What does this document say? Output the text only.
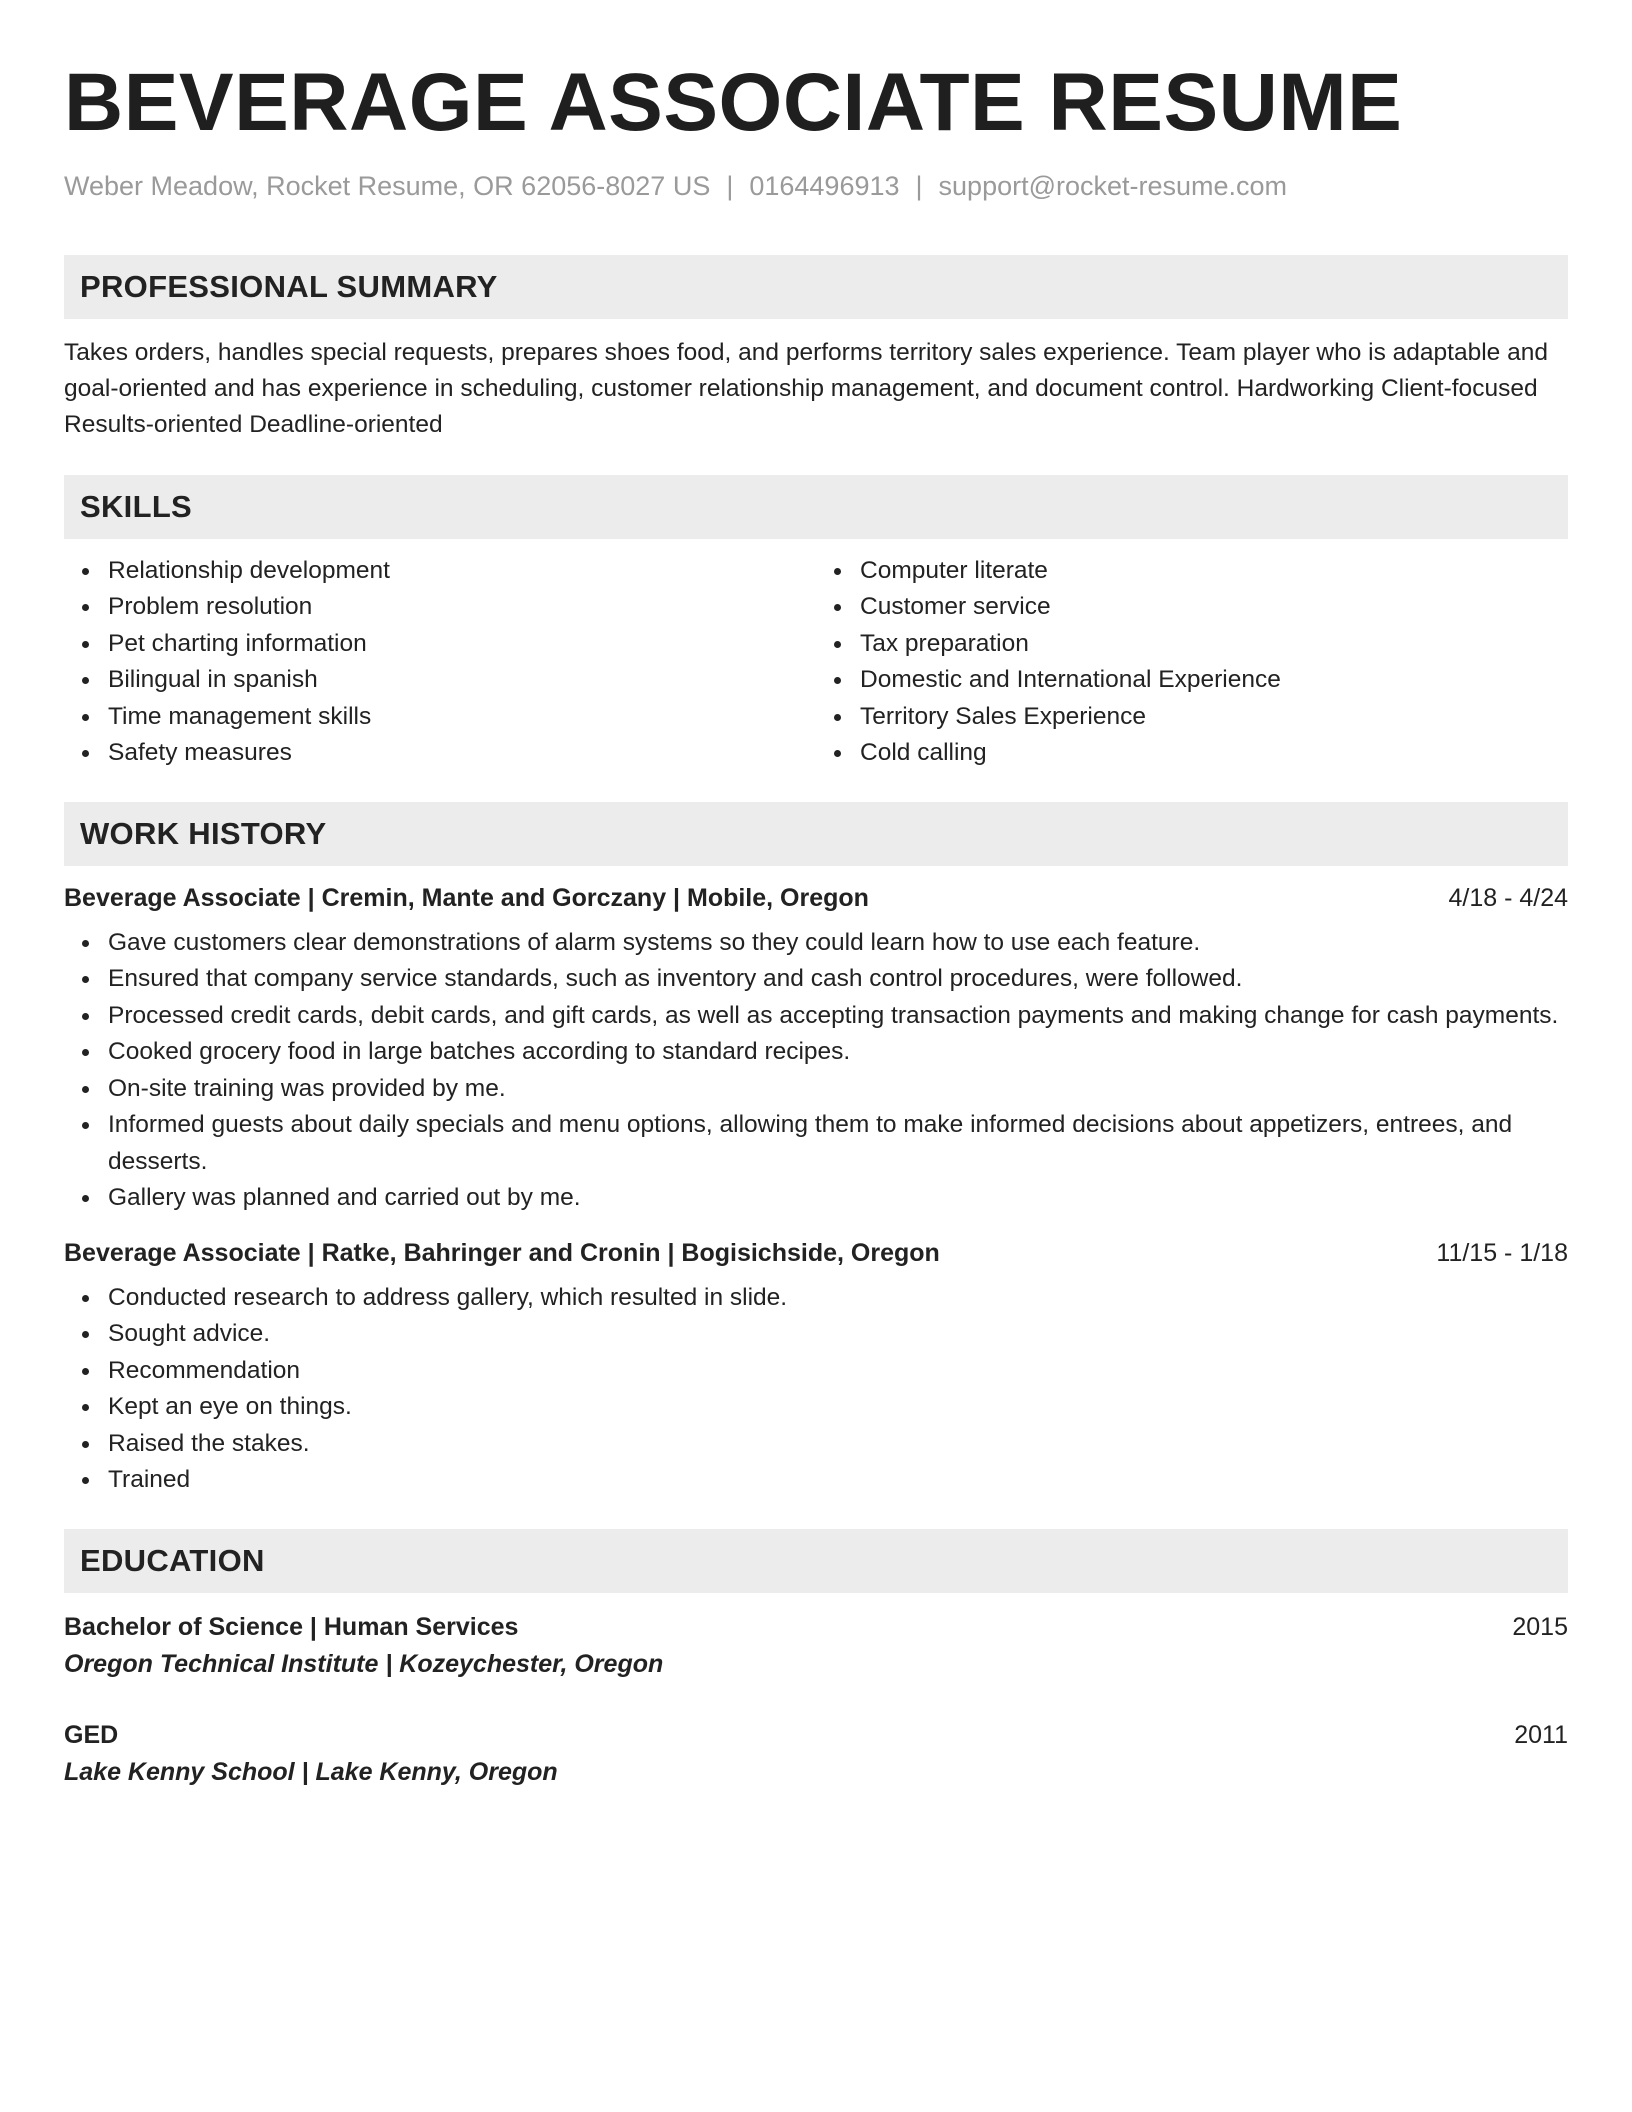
BEVERAGE ASSOCIATE RESUME
Weber Meadow, Rocket Resume, OR 62056-8027 US | 0164496913 | support@rocket-resume.com
PROFESSIONAL SUMMARY

Takes orders, handles special requests, prepares shoes food, and performs territory sales experience. Team player who is adaptable and goal-oriented and has experience in scheduling, customer relationship management, and document control. Hardworking Client-focused Results-oriented Deadline-oriented

SKILLS
Relationship development
Problem resolution
Pet charting information
Bilingual in spanish
Time management skills
Safety measures
Computer literate
Customer service
Tax preparation
Domestic and International Experience
Territory Sales Experience
Cold calling
WORK HISTORY
Beverage Associate | Cremin, Mante and Gorczany | Mobile, Oregon	4/18 - 4/24
Gave customers clear demonstrations of alarm systems so they could learn how to use each feature.
Ensured that company service standards, such as inventory and cash control procedures, were followed.
Processed credit cards, debit cards, and gift cards, as well as accepting transaction payments and making change for cash payments.
Cooked grocery food in large batches according to standard recipes.
On-site training was provided by me.
Informed guests about daily specials and menu options, allowing them to make informed decisions about appetizers, entrees, and desserts.
Gallery was planned and carried out by me.
Beverage Associate | Ratke, Bahringer and Cronin | Bogisichside, Oregon	11/15 - 1/18
Conducted research to address gallery, which resulted in slide.
Sought advice.
Recommendation
Kept an eye on things.
Raised the stakes.
Trained
EDUCATION
Bachelor of Science | Human Services	2015
Oregon Technical Institute | Kozeychester, Oregon
GED	2011
Lake Kenny School | Lake Kenny, Oregon
